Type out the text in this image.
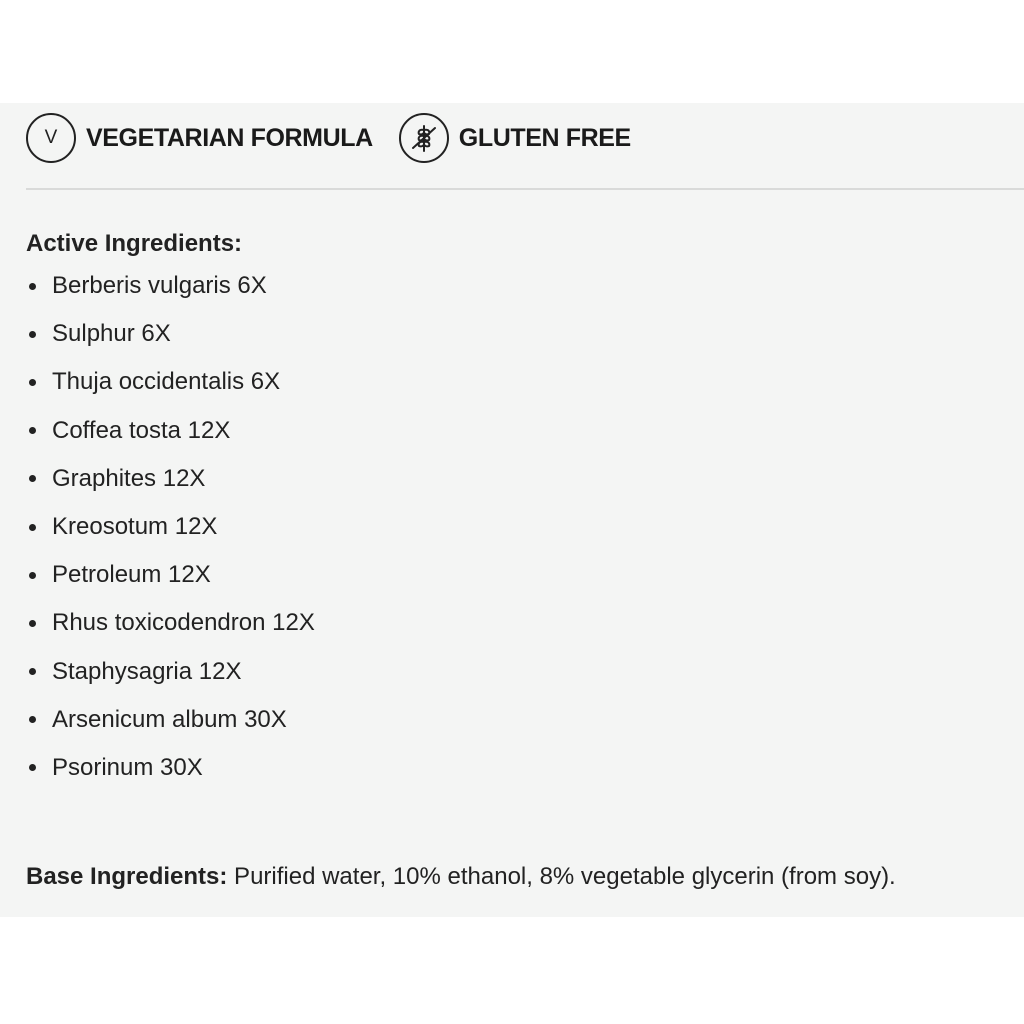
V	VEGETARIAN FORMULA	GLUTEN FREE
Active Ingredients:
Berberis vulgaris 6X
Sulphur 6X
Thuja occidentalis 6X
Coffea tosta 12X
Graphites 12X
Kreosotum 12X
Petroleum 12X
Rhus toxicodendron 12X
Staphysagria 12X
Arsenicum album 30X
Psorinum 30X
Base Ingredients: Purified water, 10% ethanol, 8% vegetable glycerin (from soy).
